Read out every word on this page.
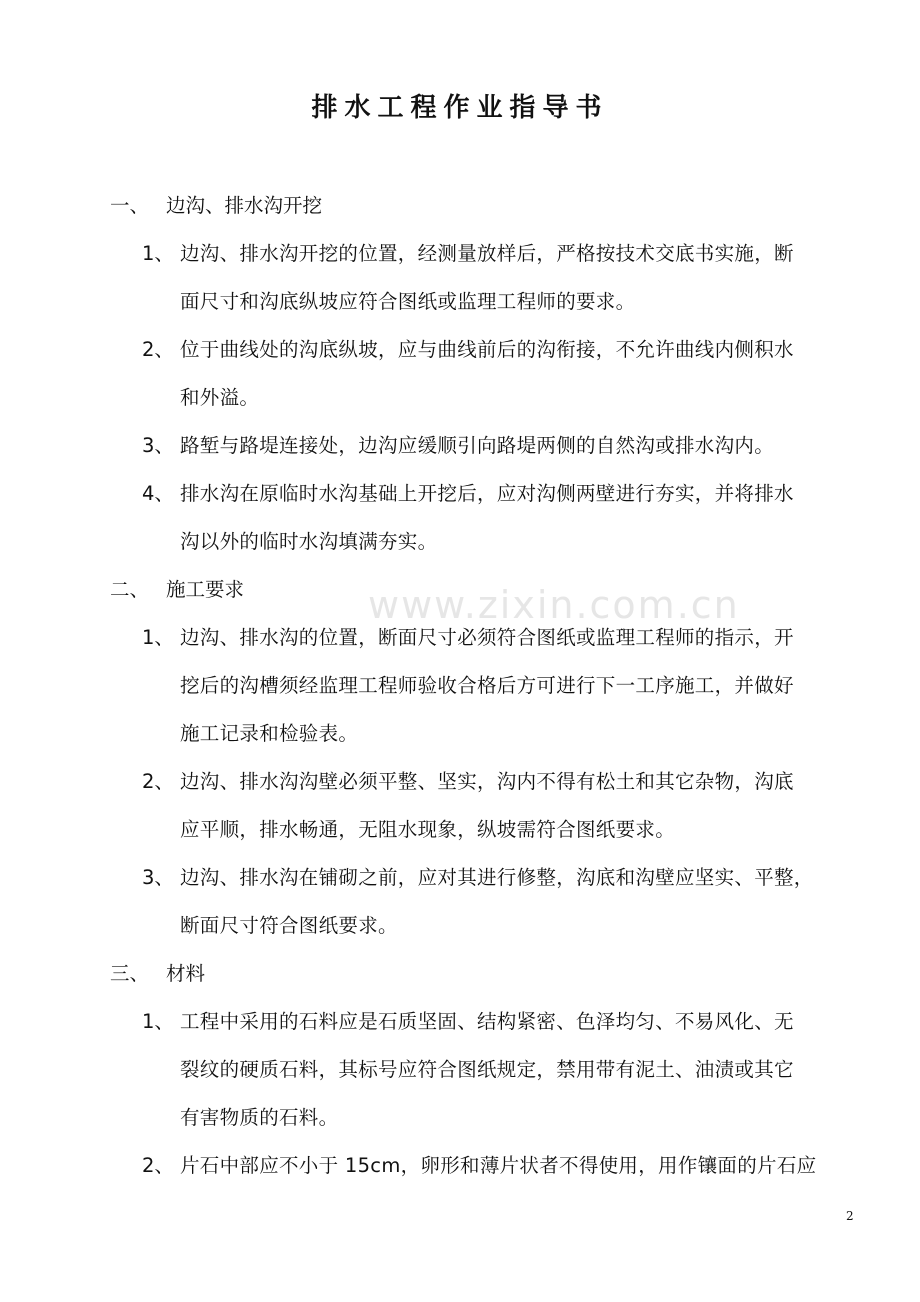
排水工程作业指导书
www.zixin.com.cn
一、 边沟、排水沟开挖
1、 边沟、排水沟开挖的位置，经测量放样后，严格按技术交底书实施，断
面尺寸和沟底纵坡应符合图纸或监理工程师的要求。
2、 位于曲线处的沟底纵坡，应与曲线前后的沟衔接，不允许曲线内侧积水
和外溢。
3、 路堑与路堤连接处，边沟应缓顺引向路堤两侧的自然沟或排水沟内。
4、 排水沟在原临时水沟基础上开挖后，应对沟侧两壁进行夯实，并将排水
沟以外的临时水沟填满夯实。
二、 施工要求
1、 边沟、排水沟的位置，断面尺寸必须符合图纸或监理工程师的指示，开
挖后的沟槽须经监理工程师验收合格后方可进行下一工序施工，并做好
施工记录和检验表。
2、 边沟、排水沟沟壁必须平整、坚实，沟内不得有松土和其它杂物，沟底
应平顺，排水畅通，无阻水现象，纵坡需符合图纸要求。
3、 边沟、排水沟在铺砌之前，应对其进行修整，沟底和沟壁应坚实、平整，
断面尺寸符合图纸要求。
三、 材料
1、 工程中采用的石料应是石质坚固、结构紧密、色泽均匀、不易风化、无
裂纹的硬质石料，其标号应符合图纸规定，禁用带有泥土、油渍或其它
有害物质的石料。
2、 片石中部应不小于 15cm，卵形和薄片状者不得使用，用作镶面的片石应
2
